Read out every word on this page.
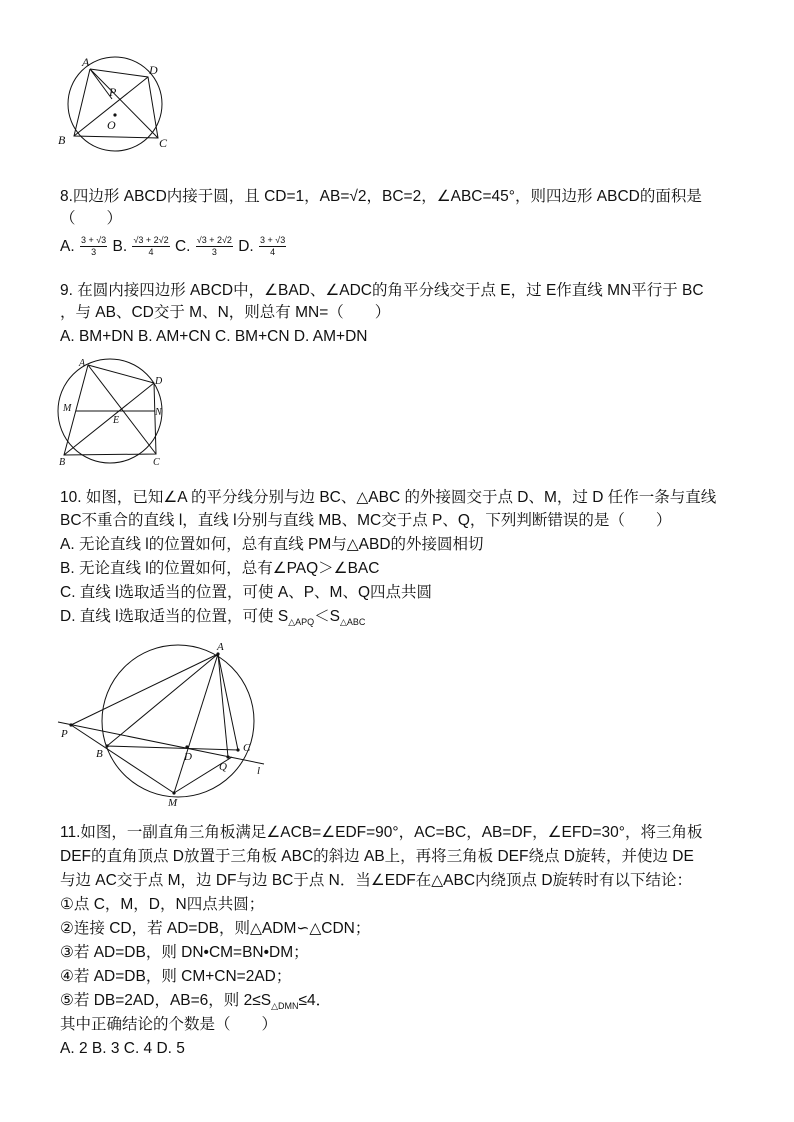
A
D
P
O
B	C
8.四边形 ABCD内接于圆，且 CD=1，AB=√2，BC=2，∠ABC=45°，则四边形 ABCD的面积是
（　　）
A. $\frac{3 + √3}{3} B$. $\frac{√3 + 2√2}{4} C$. $\frac{√3 + 2√2}{3} D$. $\frac{3 + √3}{4}$
9. 在圆内接四边形 ABCD中，∠BAD、∠ADC的角平分线交于点 E，过 E作直线 MN平行于 BC
，与 AB、CD交于 M、N，则总有 MN=（　　）
A. BM+DN B. AM+CN C. BM+CN D. AM+DN
A
D
M
E
N
B	C
10. 如图，已知∠A 的平分线分别与边 BC、△ABC 的外接圆交于点 D、M，过 D 任作一条与直线
BC不重合的直线 l，直线 l分别与直线 MB、MC交于点 P、Q，下列判断错误的是（　　）
A. 无论直线 l的位置如何，总有直线 PM与△ABD的外接圆相切
B. 无论直线 l的位置如何，总有∠PAQ＞∠BAC
C. 直线 l选取适当的位置，可使 A、P、M、Q四点共圆
D. 直线 l选取适当的位置，可使 $S_{\triangle APQ}<S_{\triangle ABC}$
A
P
B	D
Q
C
l
M
11.如图，一副直角三角板满足∠ACB=∠EDF=90°，AC=BC，AB=DF，∠EFD=30°，将三角板
DEF的直角顶点 D放置于三角板 ABC的斜边 AB上，再将三角板 DEF绕点 D旋转，并使边 DE
与边 AC交于点 M，边 DF与边 BC于点 N．当∠EDF在△ABC内绕顶点 D旋转时有以下结论：
①点 C，M，D，N四点共圆；
②连接 CD，若 AD=DB，则△ADM∽△CDN；
③若 AD=DB，则 DN•CM=BN•DM；
④若 AD=DB，则 CM+CN=2AD；
⑤若 DB=2AD，AB=6，则 $2\le S_{\triangle DMN}\le 4$．
其中正确结论的个数是（　　）
A. 2 B. 3 C. 4 D. 5
